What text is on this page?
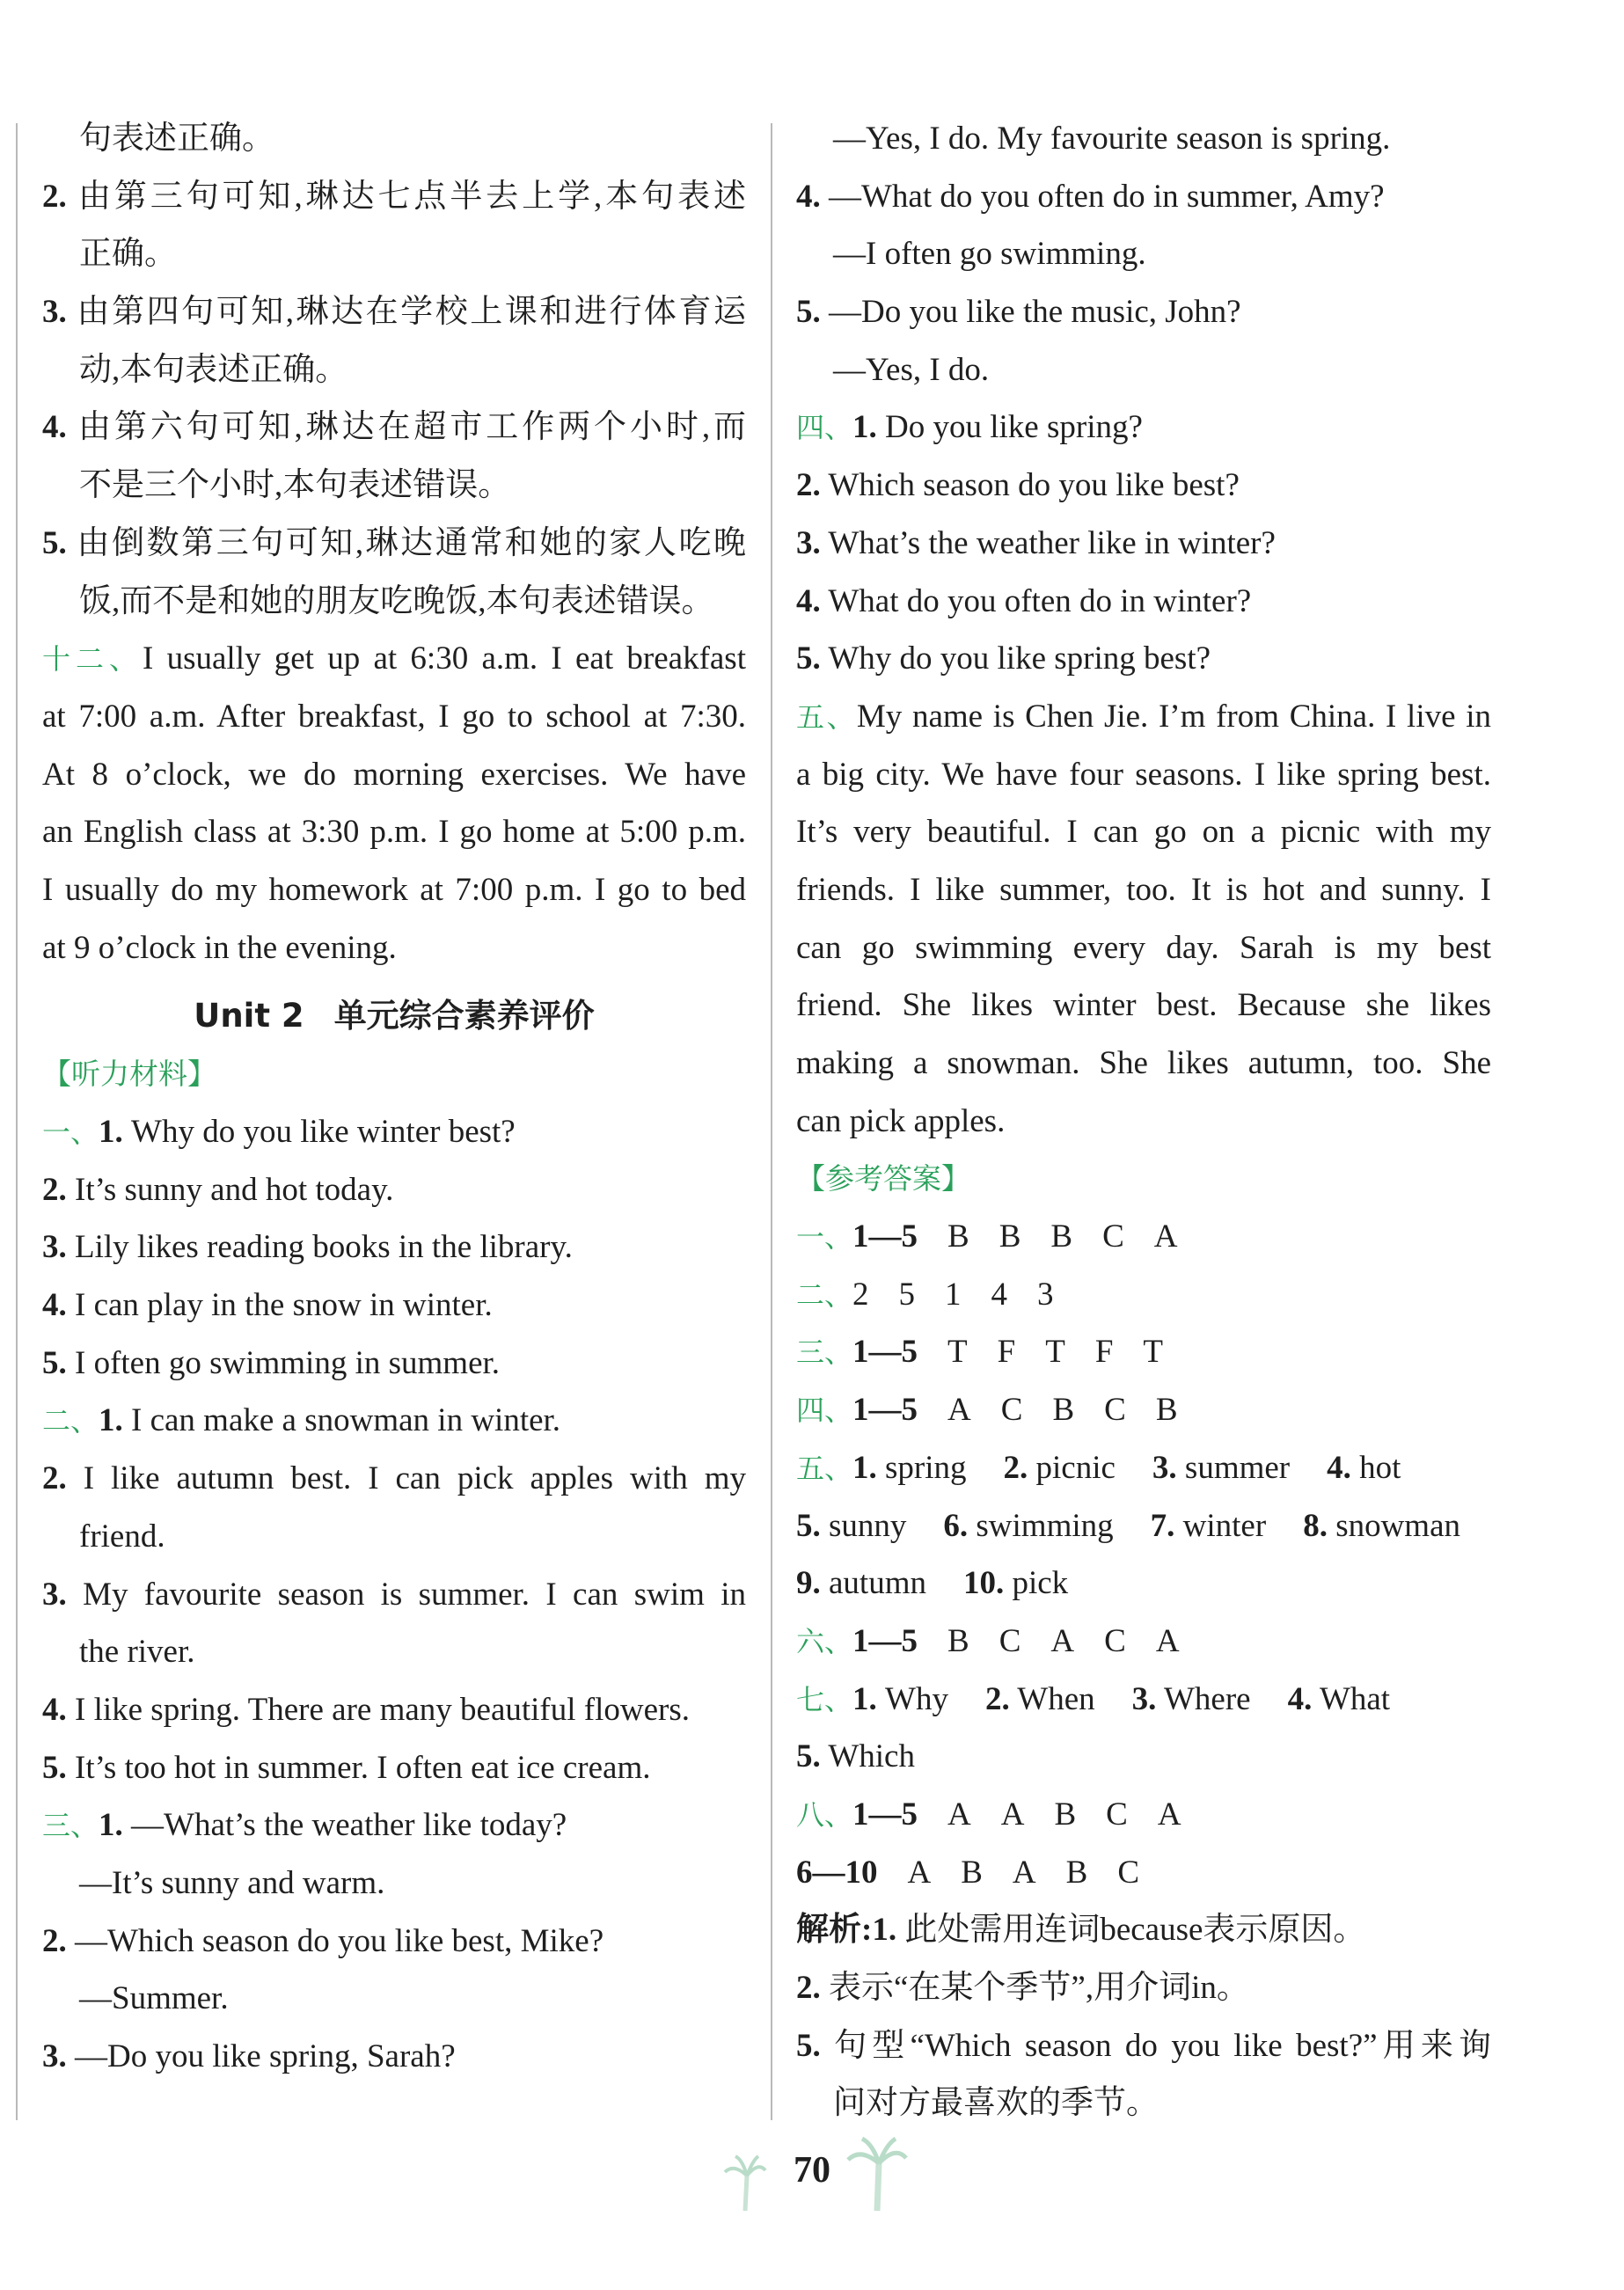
句表述正确。
2. 由第三句可知,琳达七点半去上学,本句表述
正确。
3. 由第四句可知,琳达在学校上课和进行体育运
动,本句表述正确。
4. 由第六句可知,琳达在超市工作两个小时,而
不是三个小时,本句表述错误。
5. 由倒数第三句可知,琳达通常和她的家人吃晚
饭,而不是和她的朋友吃晚饭,本句表述错误。
十二、I usually get up at 6:30 a.m. I eat breakfast
at 7:00 a.m. After breakfast, I go to school at 7:30.
At 8 o’clock, we do morning exercises. We have
an English class at 3:30 p.m. I go home at 5:00 p.m.
I usually do my homework at 7:00 p.m. I go to bed
at 9 o’clock in the evening.
Unit 2 单元综合素养评价
【听力材料】
一、1. Why do you like winter best?
2. It’s sunny and hot today.
3. Lily likes reading books in the library.
4. I can play in the snow in winter.
5. I often go swimming in summer.
二、1. I can make a snowman in winter.
2. I like autumn best. I can pick apples with my
friend.
3. My favourite season is summer. I can swim in
the river.
4. I like spring. There are many beautiful flowers.
5. It’s too hot in summer. I often eat ice cream.
三、1. —What’s the weather like today?
—It’s sunny and warm.
2. —Which season do you like best, Mike?
—Summer.
3. —Do you like spring, Sarah?
—Yes, I do. My favourite season is spring.
4. —What do you often do in summer, Amy?
—I often go swimming.
5. —Do you like the music, John?
—Yes, I do.
四、1. Do you like spring?
2. Which season do you like best?
3. What’s the weather like in winter?
4. What do you often do in winter?
5. Why do you like spring best?
五、My name is Chen Jie. I’m from China. I live in
a big city. We have four seasons. I like spring best.
It’s very beautiful. I can go on a picnic with my
friends. I like summer, too. It is hot and sunny. I
can go swimming every day. Sarah is my best
friend. She likes winter best. Because she likes
making a snowman. She likes autumn, too. She
can pick apples.
【参考答案】
一、1—5 B B B C A
二、2 5 1 4 3
三、1—5 T F T F T
四、1—5 A C B C B
五、1. spring 2. picnic 3. summer 4. hot
5. sunny 6. swimming 7. winter 8. snowman
9. autumn 10. pick
六、1—5 B C A C A
七、1. Why 2. When 3. Where 4. What
5. Which
八、1—5 A A B C A
6—10 A B A B C
解析:1. 此处需用连词because表示原因。
2. 表示“在某个季节”,用介词in。
5. 句型“Which season do you like best?”用来询
问对方最喜欢的季节。
70
